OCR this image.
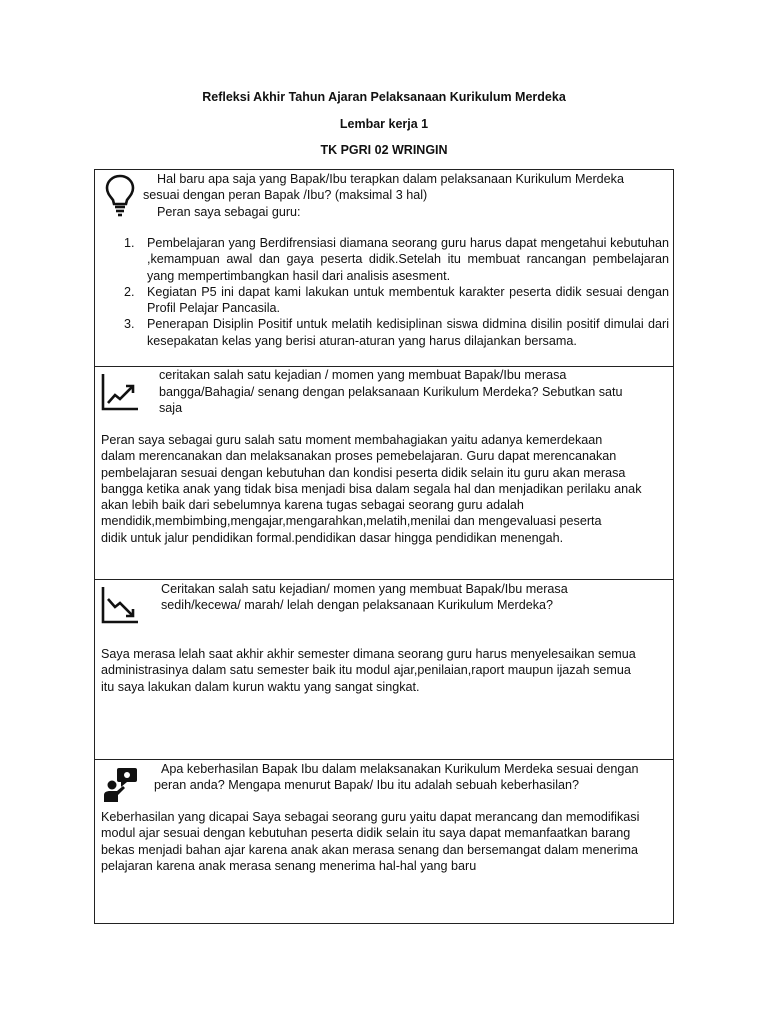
Refleksi Akhir Tahun Ajaran Pelaksanaan Kurikulum Merdeka
Lembar kerja 1
TK PGRI 02 WRINGIN
Hal baru apa saja yang Bapak/Ibu terapkan dalam pelaksanaan Kurikulum Merdeka
sesuai dengan peran Bapak /Ibu? (maksimal 3 hal)
Peran saya sebagai guru:
1. Pembelajaran yang Berdifrensiasi diamana seorang guru harus dapat mengetahui kebutuhan ,kemampuan awal dan gaya peserta didik.Setelah itu membuat rancangan pembelajaran yang mempertimbangkan hasil dari analisis asesment.
2. Kegiatan P5 ini dapat kami lakukan untuk membentuk karakter peserta didik sesuai dengan Profil Pelajar Pancasila.
3. Penerapan Disiplin Positif untuk melatih kedisiplinan siswa didmina disilin positif dimulai dari kesepakatan kelas yang berisi aturan-aturan yang harus dilajankan bersama.
ceritakan salah satu kejadian / momen yang membuat Bapak/Ibu merasa
bangga/Bahagia/ senang dengan pelaksanaan Kurikulum Merdeka? Sebutkan satu
saja
Peran saya sebagai guru salah satu moment membahagiakan yaitu adanya kemerdekaan
dalam merencanakan dan melaksanakan proses pemebelajaran. Guru dapat merencanakan
pembelajaran sesuai dengan kebutuhan dan kondisi peserta didik selain itu guru akan merasa
bangga ketika anak yang tidak bisa menjadi bisa dalam segala hal dan menjadikan perilaku anak
akan lebih baik dari sebelumnya karena tugas sebagai seorang guru adalah
mendidik,membimbing,mengajar,mengarahkan,melatih,menilai dan mengevaluasi peserta
didik untuk jalur pendidikan formal.pendidikan dasar hingga pendidikan menengah.
Ceritakan salah satu kejadian/ momen yang membuat Bapak/Ibu merasa
sedih/kecewa/ marah/ lelah dengan pelaksanaan Kurikulum Merdeka?
Saya merasa lelah saat akhir akhir semester dimana seorang guru harus menyelesaikan semua
administrasinya dalam satu semester baik itu modul ajar,penilaian,raport maupun ijazah semua
itu saya lakukan dalam kurun waktu yang sangat singkat.
Apa keberhasilan Bapak Ibu dalam melaksanakan Kurikulum Merdeka sesuai dengan
peran anda? Mengapa menurut Bapak/ Ibu itu adalah sebuah keberhasilan?
Keberhasilan yang dicapai Saya sebagai seorang guru yaitu dapat merancang dan memodifikasi
modul ajar sesuai dengan kebutuhan peserta didik selain itu saya dapat memanfaatkan barang
bekas menjadi bahan ajar karena anak akan merasa senang dan bersemangat dalam menerima
pelajaran karena anak merasa senang menerima hal-hal yang baru
